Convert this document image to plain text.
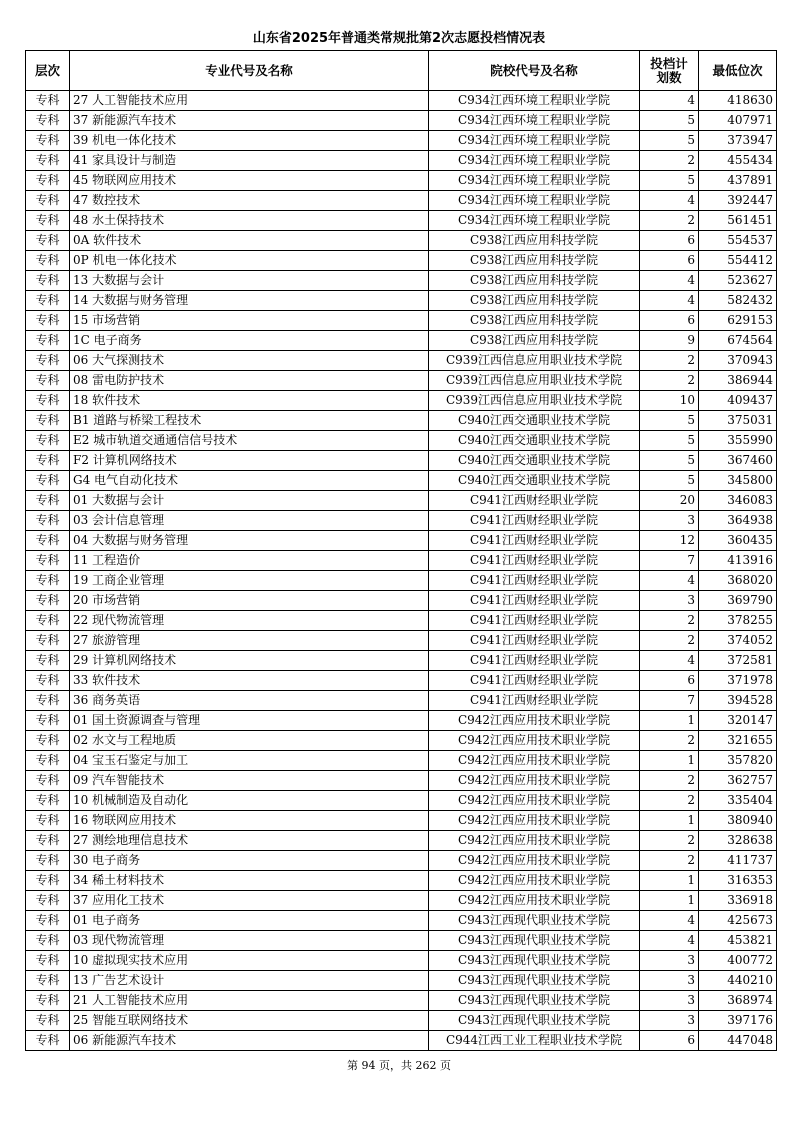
山东省2025年普通类常规批第2次志愿投档情况表
层次	专业代号及名称	院校代号及名称	投档计划数	最低位次
专科	27 人工智能技术应用	C934江西环境工程职业学院	4	418630
专科	37 新能源汽车技术	C934江西环境工程职业学院	5	407971
专科	39 机电一体化技术	C934江西环境工程职业学院	5	373947
专科	41 家具设计与制造	C934江西环境工程职业学院	2	455434
专科	45 物联网应用技术	C934江西环境工程职业学院	5	437891
专科	47 数控技术	C934江西环境工程职业学院	4	392447
专科	48 水土保持技术	C934江西环境工程职业学院	2	561451
专科	0A 软件技术	C938江西应用科技学院	6	554537
专科	0P 机电一体化技术	C938江西应用科技学院	6	554412
专科	13 大数据与会计	C938江西应用科技学院	4	523627
专科	14 大数据与财务管理	C938江西应用科技学院	4	582432
专科	15 市场营销	C938江西应用科技学院	6	629153
专科	1C 电子商务	C938江西应用科技学院	9	674564
专科	06 大气探测技术	C939江西信息应用职业技术学院	2	370943
专科	08 雷电防护技术	C939江西信息应用职业技术学院	2	386944
专科	18 软件技术	C939江西信息应用职业技术学院	10	409437
专科	B1 道路与桥梁工程技术	C940江西交通职业技术学院	5	375031
专科	E2 城市轨道交通通信信号技术	C940江西交通职业技术学院	5	355990
专科	F2 计算机网络技术	C940江西交通职业技术学院	5	367460
专科	G4 电气自动化技术	C940江西交通职业技术学院	5	345800
专科	01 大数据与会计	C941江西财经职业学院	20	346083
专科	03 会计信息管理	C941江西财经职业学院	3	364938
专科	04 大数据与财务管理	C941江西财经职业学院	12	360435
专科	11 工程造价	C941江西财经职业学院	7	413916
专科	19 工商企业管理	C941江西财经职业学院	4	368020
专科	20 市场营销	C941江西财经职业学院	3	369790
专科	22 现代物流管理	C941江西财经职业学院	2	378255
专科	27 旅游管理	C941江西财经职业学院	2	374052
专科	29 计算机网络技术	C941江西财经职业学院	4	372581
专科	33 软件技术	C941江西财经职业学院	6	371978
专科	36 商务英语	C941江西财经职业学院	7	394528
专科	01 国土资源调查与管理	C942江西应用技术职业学院	1	320147
专科	02 水文与工程地质	C942江西应用技术职业学院	2	321655
专科	04 宝玉石鉴定与加工	C942江西应用技术职业学院	1	357820
专科	09 汽车智能技术	C942江西应用技术职业学院	2	362757
专科	10 机械制造及自动化	C942江西应用技术职业学院	2	335404
专科	16 物联网应用技术	C942江西应用技术职业学院	1	380940
专科	27 测绘地理信息技术	C942江西应用技术职业学院	2	328638
专科	30 电子商务	C942江西应用技术职业学院	2	411737
专科	34 稀土材料技术	C942江西应用技术职业学院	1	316353
专科	37 应用化工技术	C942江西应用技术职业学院	1	336918
专科	01 电子商务	C943江西现代职业技术学院	4	425673
专科	03 现代物流管理	C943江西现代职业技术学院	4	453821
专科	10 虚拟现实技术应用	C943江西现代职业技术学院	3	400772
专科	13 广告艺术设计	C943江西现代职业技术学院	3	440210
专科	21 人工智能技术应用	C943江西现代职业技术学院	3	368974
专科	25 智能互联网络技术	C943江西现代职业技术学院	3	397176
专科	06 新能源汽车技术	C944江西工业工程职业技术学院	6	447048
第 94 页，共 262 页
